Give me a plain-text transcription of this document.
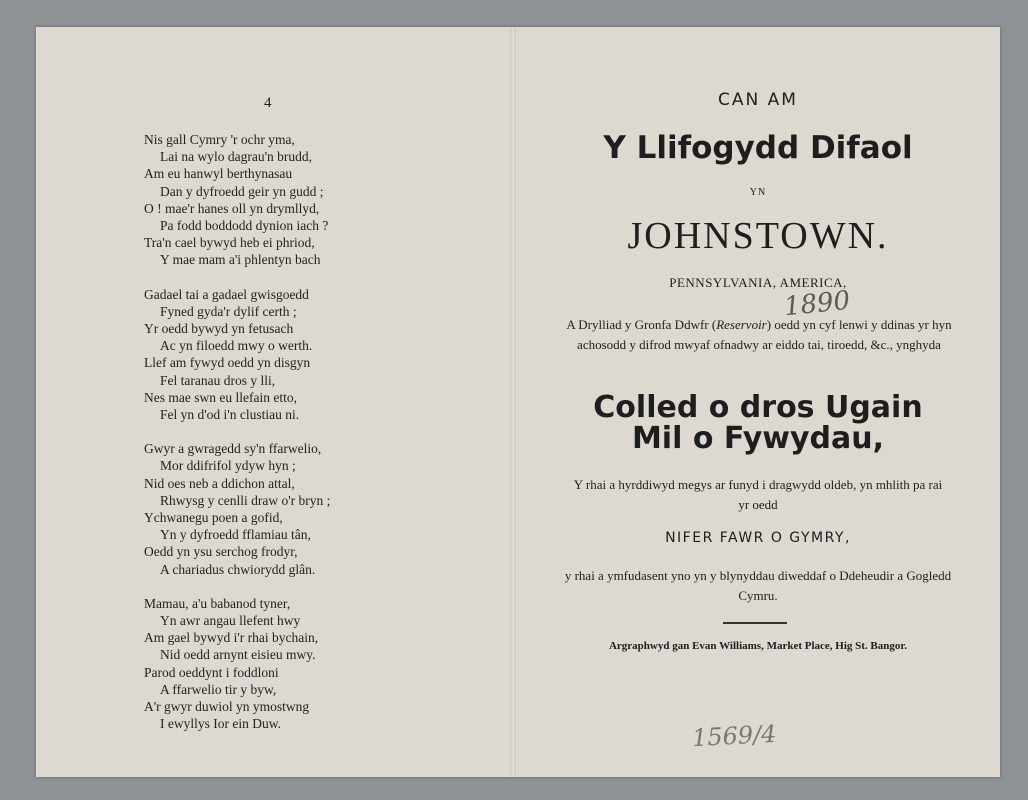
4
Nis gall Cymry 'r ochr yma,
Lai na wylo dagrau'n brudd,
Am eu hanwyl berthynasau
Dan y dyfroedd geir yn gudd ;
O ! mae'r hanes oll yn drymllyd,
Pa fodd boddodd dynion iach ?
Tra'n cael bywyd heb ei phriod,
Y mae mam a'i phlentyn bach
Gadael tai a gadael gwisgoedd
Fyned gyda'r dylif certh ;
Yr oedd bywyd yn fetusach
Ac yn filoedd mwy o werth.
Llef am fywyd oedd yn disgyn
Fel taranau dros y lli,
Nes mae swn eu llefain etto,
Fel yn d'od i'n clustiau ni.
Gwyr a gwragedd sy'n ffarwelio,
Mor ddifrifol ydyw hyn ;
Nid oes neb a ddichon attal,
Rhwysg y cenlli draw o'r bryn ;
Ychwanegu poen a gofid,
Yn y dyfroedd fflamiau tân,
Oedd yn ysu serchog frodyr,
A chariadus chwiorydd glân.
Mamau, a'u babanod tyner,
Yn awr angau llefent hwy
Am gael bywyd i'r rhai bychain,
Nid oedd arnynt eisieu mwy.
Parod oeddynt i foddloni
A ffarwelio tir y byw,
A'r gwyr duwiol yn ymostwng
I ewyllys Ior ein Duw.
CAN AM
Y Llifogydd Difaol
YN
JOHNSTOWN.
PENNSYLVANIA, AMERICA,
1890
A Drylliad y Gronfa Ddwfr (Reservoir) oedd yn cyf lenwi y ddinas yr hyn achosodd y difrod mwyaf ofnadwy ar eiddo tai, tiroedd, &c., ynghyda
Colled o dros Ugain
Mil o Fywydau,
Y rhai a hyrddiwyd megys ar funyd i dragwydd oldeb, yn mhlith pa rai yr oedd
NIFER FAWR O GYMRY,
y rhai a ymfudasent yno yn y blynyddau diweddaf o Ddeheudir a Gogledd Cymru.
Argraphwyd gan Evan Williams, Market Place, Hig St. Bangor.
1569/4
